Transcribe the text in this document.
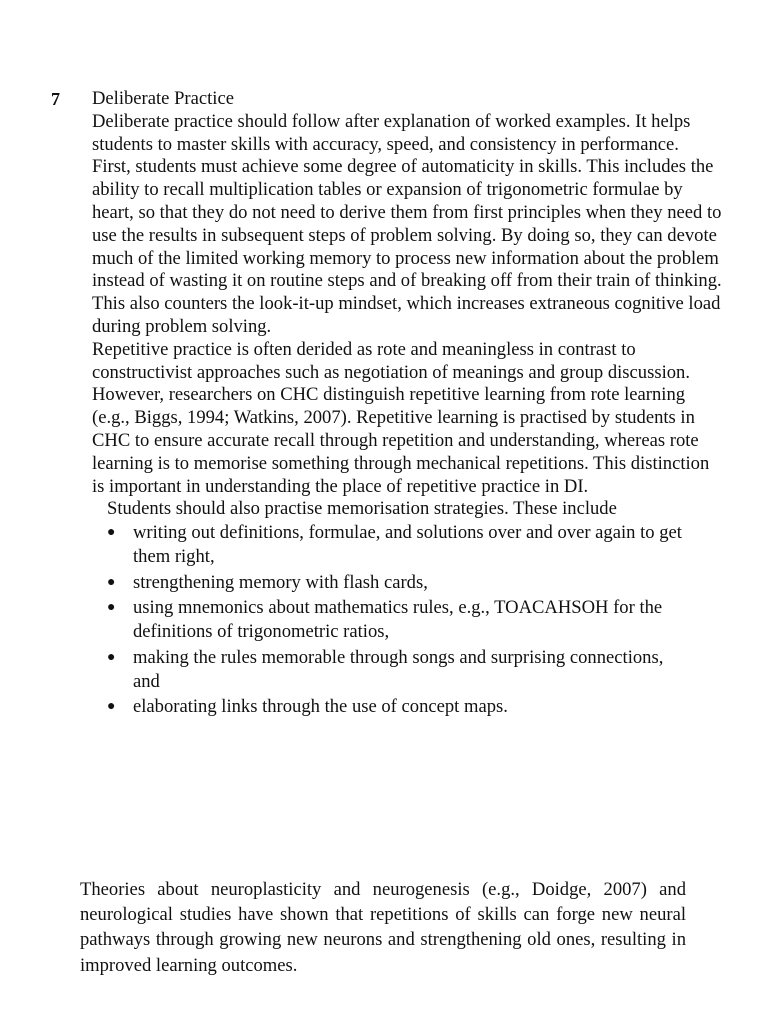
7 Deliberate Practice

Deliberate practice should follow after explanation of worked examples. It helps students to master skills with accuracy, speed, and consistency in performance.

First, students must achieve some degree of automaticity in skills. This includes the ability to recall multiplication tables or expansion of trigonometric formulae by heart, so that they do not need to derive them from first principles when they need to use the results in subsequent steps of problem solving. By doing so, they can devote much of the limited working memory to process new information about the problem instead of wasting it on routine steps and of breaking off from their train of thinking. This also counters the look-it-up mindset, which increases extraneous cognitive load during problem solving.

Repetitive practice is often derided as rote and meaningless in contrast to constructivist approaches such as negotiation of meanings and group discussion. However, researchers on CHC distinguish repetitive learning from rote learning (e.g., Biggs, 1994; Watkins, 2007). Repetitive learning is practised by students in CHC to ensure accurate recall through repetition and understanding, whereas rote learning is to memorise something through mechanical repetitions. This distinction is important in understanding the place of repetitive practice in DI.

Students should also practise memorisation strategies. These include

● writing out definitions, formulae, and solutions over and over again to get them right,
● strengthening memory with flash cards,
● using mnemonics about mathematics rules, e.g., TOACAHSOH for the definitions of trigonometric ratios,
● making the rules memorable through songs and surprising connections, and
● elaborating links through the use of concept maps.

Theories about neuroplasticity and neurogenesis (e.g., Doidge, 2007) and neurological studies have shown that repetitions of skills can forge new neural pathways through growing new neurons and strengthening old ones, resulting in improved learning outcomes.
